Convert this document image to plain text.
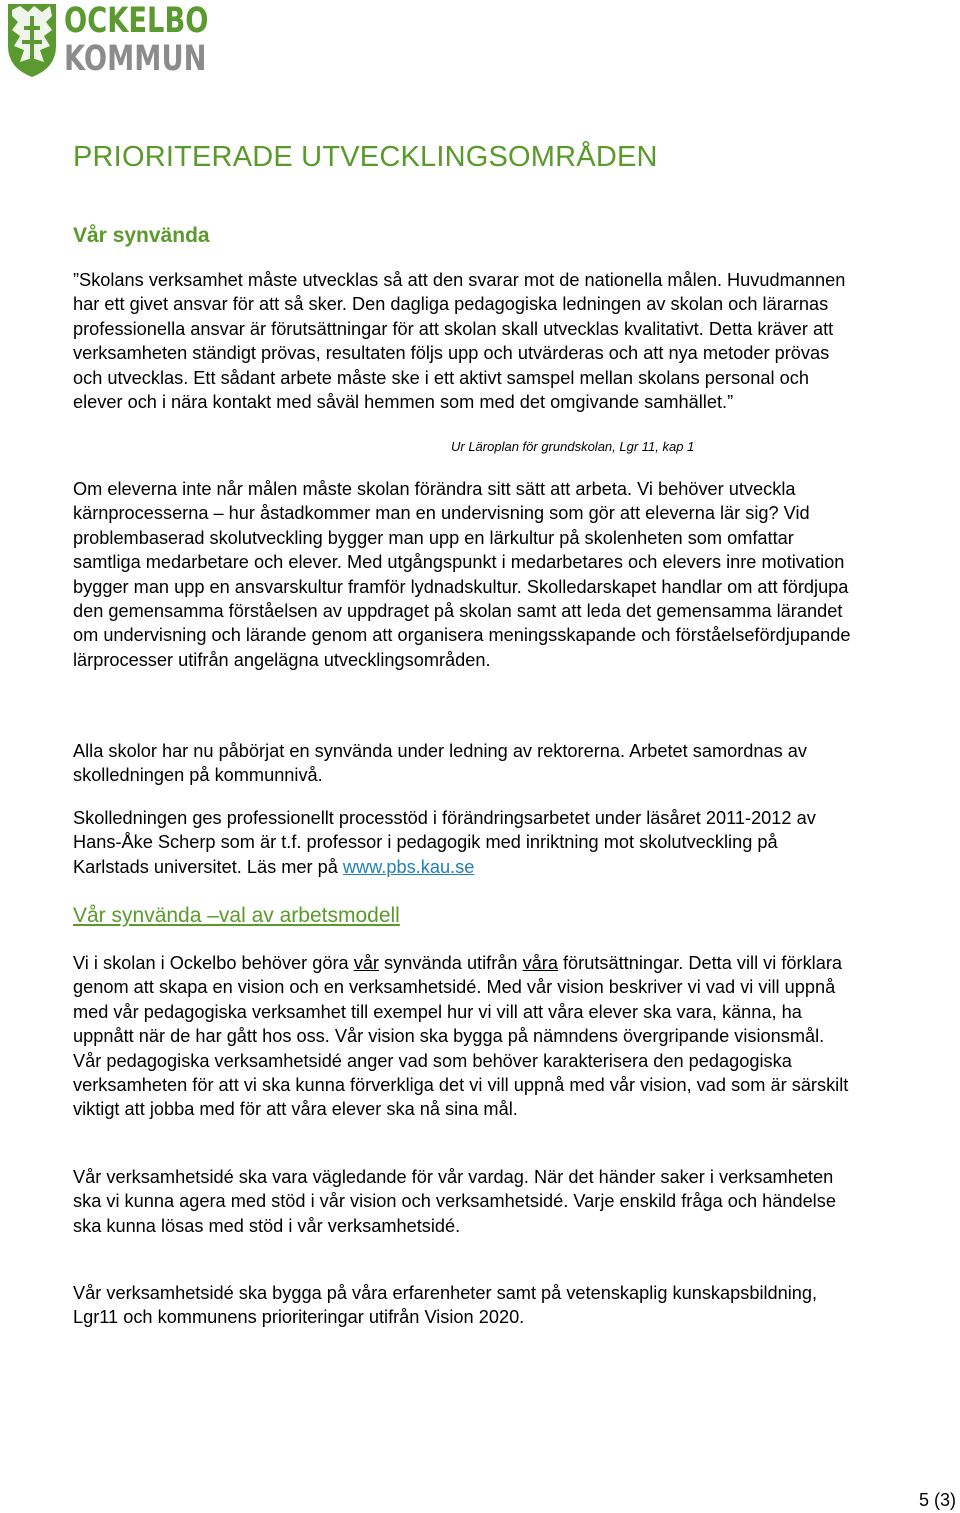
OCKELBO
KOMMUN
PRIORITERADE UTVECKLINGSOMRÅDEN
Vår synvända

”Skolans verksamhet måste utvecklas så att den svarar mot de nationella målen. Huvudmannen har ett givet ansvar för att så sker. Den dagliga pedagogiska ledningen av skolan och lärarnas professionella ansvar är förutsättningar för att skolan skall utvecklas kvalitativt. Detta kräver att verksamheten ständigt prövas, resultaten följs upp och utvärderas och att nya metoder prövas och utvecklas. Ett sådant arbete måste ske i ett aktivt samspel mellan skolans personal och elever och i nära kontakt med såväl hemmen som med det omgivande samhället.”

Ur Läroplan för grundskolan, Lgr 11, kap 1

Om eleverna inte når målen måste skolan förändra sitt sätt att arbeta. Vi behöver utveckla kärnprocesserna – hur åstadkommer man en undervisning som gör att eleverna lär sig? Vid problembaserad skolutveckling bygger man upp en lärkultur på skolenheten som omfattar samtliga medarbetare och elever. Med utgångspunkt i medarbetares och elevers inre motivation bygger man upp en ansvarskultur framför lydnadskultur. Skolledarskapet handlar om att fördjupa den gemensamma förståelsen av uppdraget på skolan samt att leda det gemensamma lärandet om undervisning och lärande genom att organisera meningsskapande och förståelsefördjupande lärprocesser utifrån angelägna utvecklingsområden.

Alla skolor har nu påbörjat en synvända under ledning av rektorerna. Arbetet samordnas av skolledningen på kommunnivå.

Skolledningen ges professionellt processtöd i förändringsarbetet under läsåret 2011-2012 av Hans-Åke Scherp som är t.f. professor i pedagogik med inriktning mot skolutveckling på Karlstads universitet. Läs mer på www.pbs.kau.se

Vår synvända –val av arbetsmodell

Vi i skolan i Ockelbo behöver göra vår synvända utifrån våra förutsättningar. Detta vill vi förklara genom att skapa en vision och en verksamhetsidé. Med vår vision beskriver vi vad vi vill uppnå med vår pedagogiska verksamhet till exempel hur vi vill att våra elever ska vara, känna, ha uppnått när de har gått hos oss. Vår vision ska bygga på nämndens övergripande visionsmål. Vår pedagogiska verksamhetsidé anger vad som behöver karakterisera den pedagogiska verksamheten för att vi ska kunna förverkliga det vi vill uppnå med vår vision, vad som är särskilt viktigt att jobba med för att våra elever ska nå sina mål.

Vår verksamhetsidé ska vara vägledande för vår vardag. När det händer saker i verksamheten ska vi kunna agera med stöd i vår vision och verksamhetsidé. Varje enskild fråga och händelse ska kunna lösas med stöd i vår verksamhetsidé.

Vår verksamhetsidé ska bygga på våra erfarenheter samt på vetenskaplig kunskapsbildning, Lgr11 och kommunens prioriteringar utifrån Vision 2020.

5 (3)
